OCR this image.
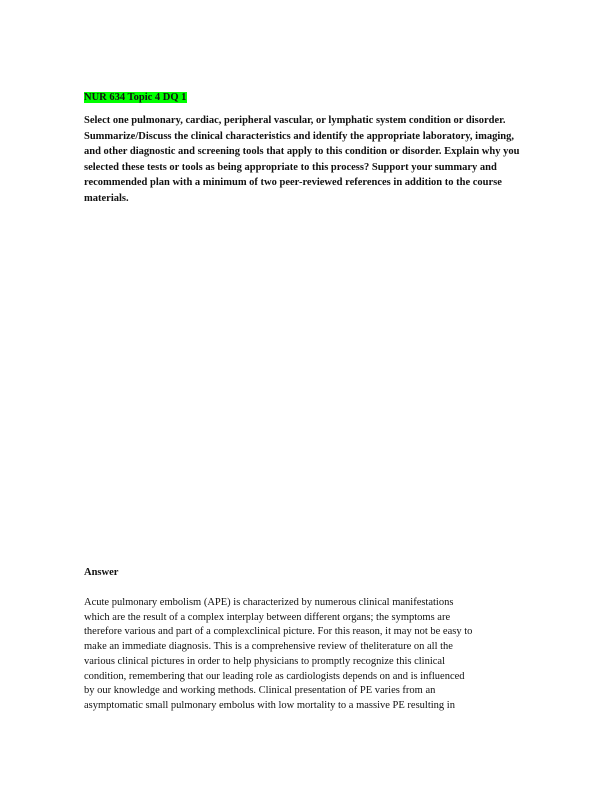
NUR 634 Topic 4 DQ 1

Select one pulmonary, cardiac, peripheral vascular, or lymphatic system condition or disorder. Summarize/Discuss the clinical characteristics and identify the appropriate laboratory, imaging, and other diagnostic and screening tools that apply to this condition or disorder. Explain why you selected these tests or tools as being appropriate to this process? Support your summary and recommended plan with a minimum of two peer-reviewed references in addition to the course materials.

Answer

Acute pulmonary embolism (APE) is characterized by numerous clinical manifestations
which are the result of a complex interplay between different organs; the symptoms are
therefore various and part of a complexclinical picture. For this reason, it may not be easy to
make an immediate diagnosis. This is a comprehensive review of theliterature on all the
various clinical pictures in order to help physicians to promptly recognize this clinical
condition, remembering that our leading role as cardiologists depends on and is influenced
by our knowledge and working methods. Clinical presentation of PE varies from an
asymptomatic small pulmonary embolus with low mortality to a massive PE resulting in
